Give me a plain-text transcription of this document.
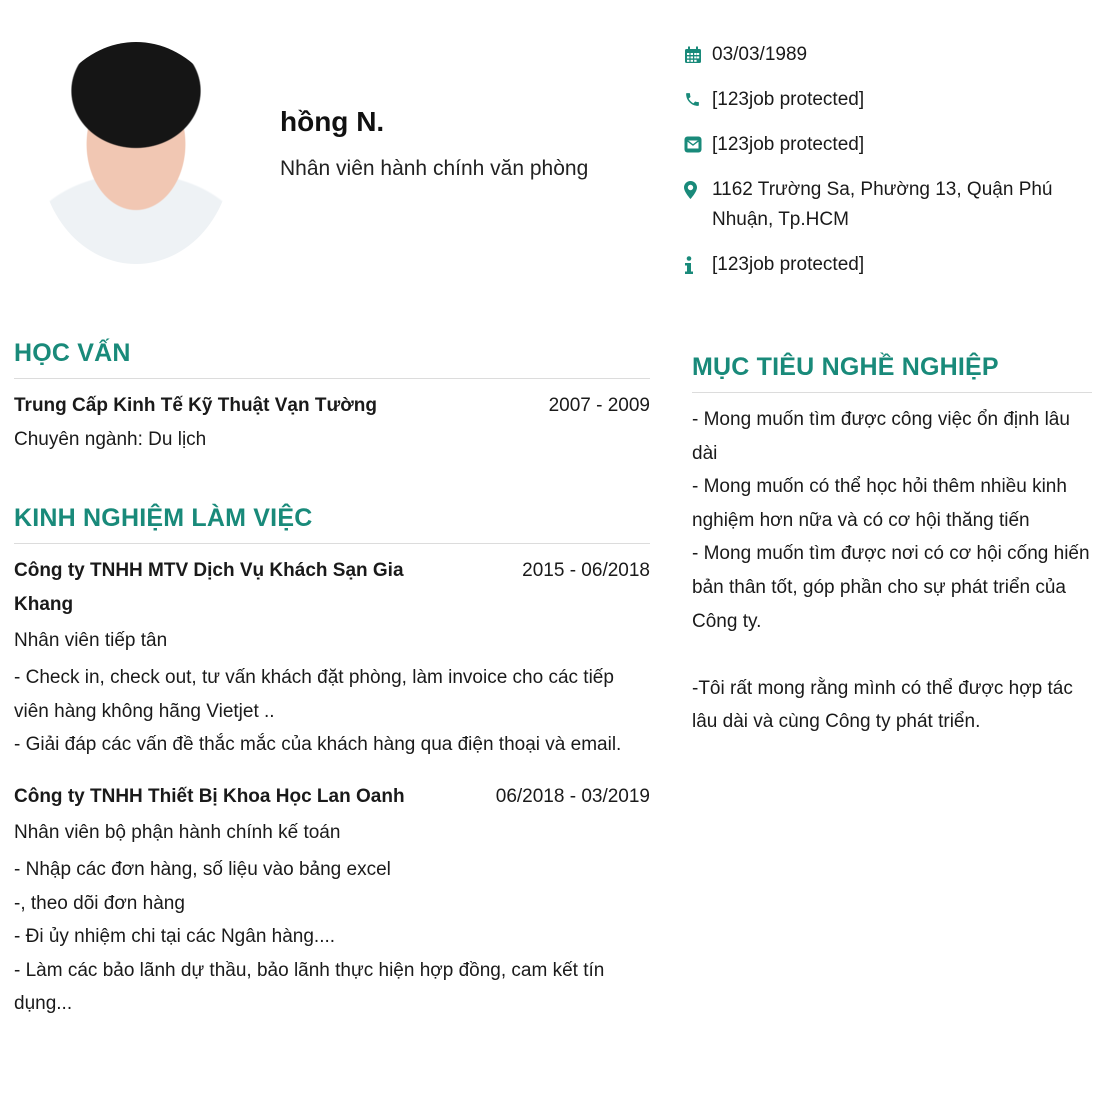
hồng N.
Nhân viên hành chính văn phòng
03/03/1989
[123job protected]
[123job protected]
1162 Trường Sa, Phường 13, Quận Phú Nhuận, Tp.HCM
[123job protected]
HỌC VẤN
Trung Cấp Kinh Tế Kỹ Thuật Vạn Tường	2007 - 2009
Chuyên ngành: Du lịch
KINH NGHIỆM LÀM VIỆC
Công ty TNHH MTV Dịch Vụ Khách Sạn Gia Khang
2015 - 06/2018
Nhân viên tiếp tân
- Check in, check out, tư vấn khách đặt phòng, làm invoice cho các tiếp viên hàng không hãng Vietjet ..
- Giải đáp các vấn đề thắc mắc của khách hàng qua điện thoại và email.
Công ty TNHH Thiết Bị Khoa Học Lan Oanh	06/2018 - 03/2019
Nhân viên bộ phận hành chính kế toán
- Nhập các đơn hàng, số liệu vào bảng excel
-, theo dõi đơn hàng
- Đi ủy nhiệm chi tại các Ngân hàng....
- Làm các bảo lãnh dự thầu, bảo lãnh thực hiện hợp đồng, cam kết tín dụng...
MỤC TIÊU NGHỀ NGHIỆP
- Mong muốn tìm được công việc ổn định lâu dài
- Mong muốn có thể học hỏi thêm nhiều kinh nghiệm hơn nữa và có cơ hội thăng tiến
- Mong muốn tìm được nơi có cơ hội cống hiến bản thân tốt, góp phần cho sự phát triển của Công ty.

-Tôi rất mong rằng mình có thể được hợp tác lâu dài và cùng Công ty phát triển.
